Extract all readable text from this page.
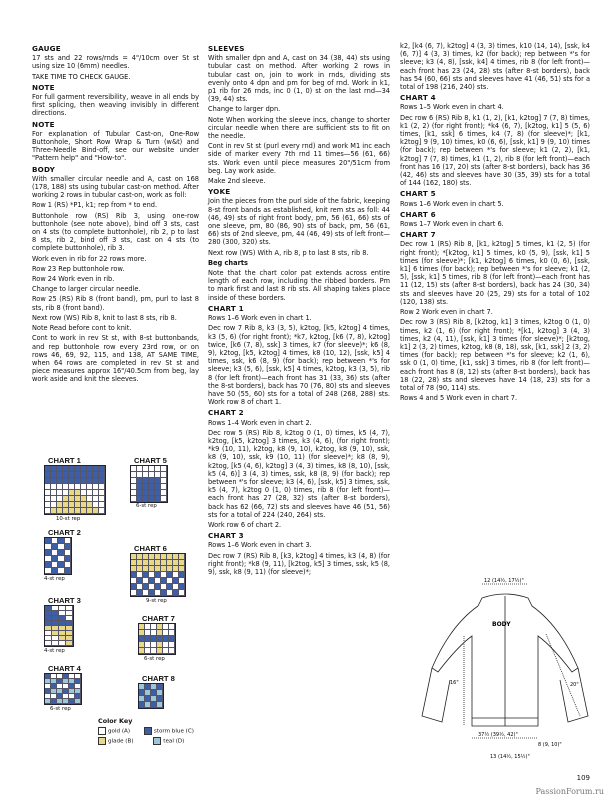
GAUGE
17 sts and 22 rows/rnds = 4"/10cm over St st using size 10 (6mm) needles.
TAKE TIME TO CHECK GAUGE.
NOTE
For full garment reversibility, weave in all ends by first splicing, then weaving invisibly in different directions.
NOTE
For explanation of Tubular Cast-on, One-Row Buttonhole, Short Row Wrap & Turn (w&t) and Three-Needle Bind-off, see our website under "Pattern help" and "How-to".
BODY
With smaller circular needle and A, cast on 168 (178, 188) sts using tubular cast-on method. After working 2 rows in tubular cast-on, work as foll:
Row 1 (RS) *P1, k1; rep from * to end.
Buttonhole row (RS) Rib 3, using one-row buttonhole (see note above), bind off 3 sts, cast on 4 sts (to complete buttonhole), rib 2, p to last 8 sts, rib 2, bind off 3 sts, cast on 4 sts (to complete buttonhole), rib 3.
Work even in rib for 22 rows more.
Row 23 Rep buttonhole row.
Row 24 Work even in rib.
Change to larger circular needle.
Row 25 (RS) Rib 8 (front band), pm, purl to last 8 sts, rib 8 (front band).
Next row (WS) Rib 8, knit to last 8 sts, rib 8.
Note Read before cont to knit.
Cont to work in rev St st, with 8-st buttonbands, and rep buttonhole row every 23rd row, or on rows 46, 69, 92, 115, and 138, AT SAME TIME, when 64 rows are completed in rev St st and piece measures approx 16"/40.5cm from beg, lay work aside and knit the sleeves.
SLEEVES
With smaller dpn and A, cast on 34 (38, 44) sts using tubular cast on method. After working 2 rows in tubular cast on, join to work in rnds, dividing sts evenly onto 4 dpn and pm for beg of rnd. Work in k1, p1 rib for 26 rnds, inc 0 (1, 0) st on the last rnd—34 (39, 44) sts.
Change to larger dpn.
Note When working the sleeve incs, change to shorter circular needle when there are sufficient sts to fit on the needle.
Cont in rev St st (purl every rnd) and work M1 inc each side of marker every 7th rnd 11 times—56 (61, 66) sts. Work even until piece measures 20"/51cm from beg. Lay work aside.
Make 2nd sleeve.
YOKE
Join the pieces from the purl side of the fabric, keeping 8-st front bands as established, knit rem sts as foll: 44 (46, 49) sts of right front body, pm, 56 (61, 66) sts of one sleeve, pm, 80 (86, 90) sts of back, pm, 56 (61, 66) sts of 2nd sleeve, pm, 44 (46, 49) sts of left front—280 (300, 320) sts.
Next row (WS) With A, rib 8, p to last 8 sts, rib 8.
Beg charts
Note that the chart color pat extends across entire length of each row, including the ribbed borders. Pm to mark first and last 8 rib sts. All shaping takes place inside of these borders.
CHART 1
Rows 1–6 Work even in chart 1.
Dec row 7 Rib 8, k3 (3, 5), k2tog, [k5, k2tog] 4 times, k3 (5, 6) (for right front); *k7, k2tog, [k6 (7, 8), k2tog] twice, [k6 (7, 8), ssk] 3 times, k7 (for sleeve)*; k6 (8, 9), k2tog, [k5, k2tog] 4 times, k8 (10, 12), [ssk, k5] 4 times, ssk, k6 (8, 9) (for back); rep between *'s for sleeve; k3 (5, 6), [ssk, k5] 4 times, k2tog, k3 (3, 5), rib 8 (for left front)—each front has 31 (33, 36) sts (after the 8-st borders), back has 70 (76, 80) sts and sleeves have 50 (55, 60) sts for a total of 248 (268, 288) sts. Work row 8 of chart 1.
CHART 2
Rows 1–4 Work even in chart 2.
Dec row 5 (RS) Rib 8, k2tog 0 (1, 0) times, k5 (4, 7), k2tog, [k5, k2tog] 3 times, k3 (4, 6), (for right front); *k9 (10, 11), k2tog, k8 (9, 10), k2tog, k8 (9, 10), ssk, k8 (9, 10), ssk, k9 (10, 11) (for sleeve)*; k8 (8, 9), k2tog, [k5 (4, 6), k2tog] 3 (4, 3) times, k8 (8, 10), [ssk, k5 (4, 6)] 3 (4, 3) times, ssk, k8 (8, 9) (for back); rep between *'s for sleeve; k3 (4, 6), [ssk, k5] 3 times, ssk, k5 (4, 7), k2tog 0 (1, 0) times, rib 8 (for left front)—each front has 27 (28, 32) sts (after 8-st borders), back has 62 (66, 72) sts and sleeves have 46 (51, 56) sts for a total of 224 (240, 264) sts.
Work row 6 of chart 2.
CHART 3
Rows 1–6 Work even in chart 3.
Dec row 7 (RS) Rib 8, [k3, k2tog] 4 times, k3 (4, 8) (for right front); *k8 (9, 11), [k2tog, k5] 3 times, ssk, k5 (8, 9), ssk, k8 (9, 11) (for sleeve)*;
k2, [k4 (6, 7), k2tog] 4 (3, 3) times, k10 (14, 14), [ssk, k4 (6, 7)] 4 (3, 3) times, k2 (for back); rep between *'s for sleeve; k3 (4, 8), [ssk, k4] 4 times, rib 8 (for left front)—each front has 23 (24, 28) sts (after 8-st borders), back has 54 (60, 66) sts and sleeves have 41 (46, 51) sts for a total of 198 (216, 240) sts.
CHART 4
Rows 1–5 Work even in chart 4.
Dec row 6 (RS) Rib 8, k1 (1, 2), [k1, k2tog] 7 (7, 8) times, k1 (2, 2) (for right front); *k4 (6, 7), [k2tog, k1] 5 (5, 6) times, [k1, ssk] 6 times, k4 (7, 8) (for sleeve)*; [k1, k2tog] 9 (9, 10) times, k0 (6, 6), [ssk, k1] 9 (9, 10) times (for back); rep between *'s for sleeve; k1 (2, 2), [k1, k2tog] 7 (7, 8) times, k1 (1, 2), rib 8 (for left front)—each front has 16 (17, 20) sts (after 8-st borders), back has 36 (42, 46) sts and sleeves have 30 (35, 39) sts for a total of 144 (162, 180) sts.
CHART 5
Rows 1–6 Work even in chart 5.
CHART 6
Rows 1–7 Work even in chart 6.
CHART 7
Dec row 1 (RS) Rib 8, [k1, k2tog] 5 times, k1 (2, 5) (for right front); *[k2tog, k1] 5 times, k0 (5, 9), [ssk, k1] 5 times (for sleeve)*; [k1, k2tog] 6 times, k0 (0, 6), [ssk, k1] 6 times (for back); rep between *'s for sleeve; k1 (2, 5), [ssk, k1] 5 times, rib 8 (for left front)—each front has 11 (12, 15) sts (after 8-st borders), back has 24 (30, 34) sts and sleeves have 20 (25, 29) sts for a total of 102 (120, 138) sts.
Row 2 Work even in chart 7.
Dec row 3 (RS) Rib 8, [k2tog, k1] 3 times, k2tog 0 (1, 0) times, k2 (1, 6) (for right front); *[k1, k2tog] 3 (4, 3) times, k2 (4, 11), [ssk, k1] 3 times (for sleeve)*; [k2tog, k1] 2 (3, 2) times, k2tog, k8 (8, 18), ssk, [k1, ssk] 2 (3, 2) times (for back); rep between *'s for sleeve; k2 (1, 6), ssk 0 (1, 0) time, [k1, ssk] 3 times, rib 8 (for left front)—each front has 8 (8, 12) sts (after 8-st borders), back has 18 (22, 28) sts and sleeves have 14 (18, 23) sts for a total of 78 (90, 114) sts.
Rows 4 and 5 Work even in chart 7.
CHART 1
10-st rep
CHART 2
4-st rep
CHART 3
4-st rep
CHART 4
6-st rep
CHART 5
6-st rep
CHART 6
9-st rep
CHART 7
6-st rep
CHART 8
Color Key
gold (A)	storm blue (C)
glade (B)	teal (D)
12 (14½, 17½)"
BODY
16"	20"
37½ (39½, 42)"
8 (9, 10)"
13 (14½, 15½)"
109
PassionForum.ru
